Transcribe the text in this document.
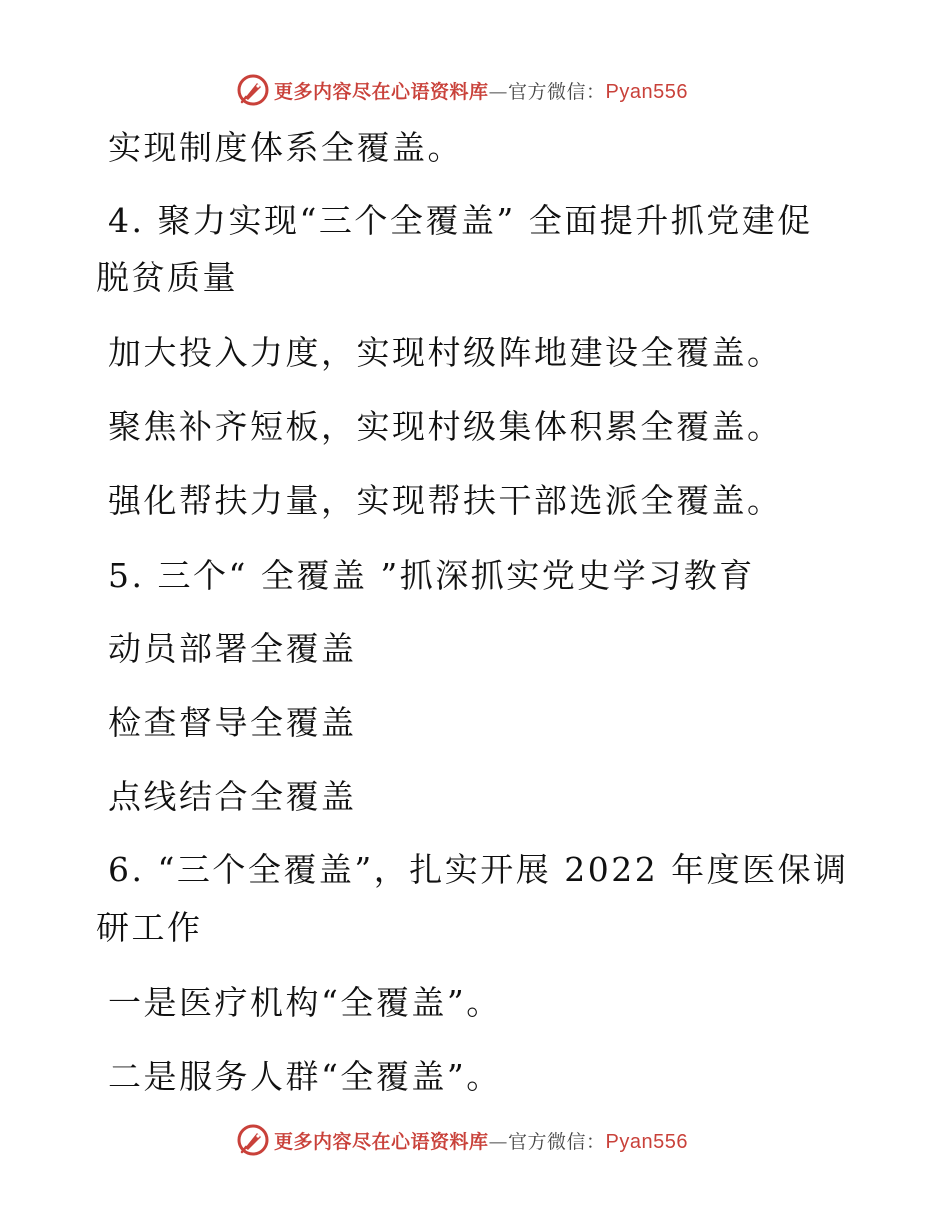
更多内容尽在心语资料库—官方微信：Pyan556
实现制度体系全覆盖。
4. 聚力实现“三个全覆盖” 全面提升抓党建促
脱贫质量
加大投入力度，实现村级阵地建设全覆盖。
聚焦补齐短板，实现村级集体积累全覆盖。
强化帮扶力量，实现帮扶干部选派全覆盖。
5. 三个“ 全覆盖 ”抓深抓实党史学习教育
动员部署全覆盖
检查督导全覆盖
点线结合全覆盖
6. “三个全覆盖”，扎实开展 2022 年度医保调
研工作
一是医疗机构“全覆盖”。
二是服务人群“全覆盖”。
更多内容尽在心语资料库—官方微信：Pyan556
